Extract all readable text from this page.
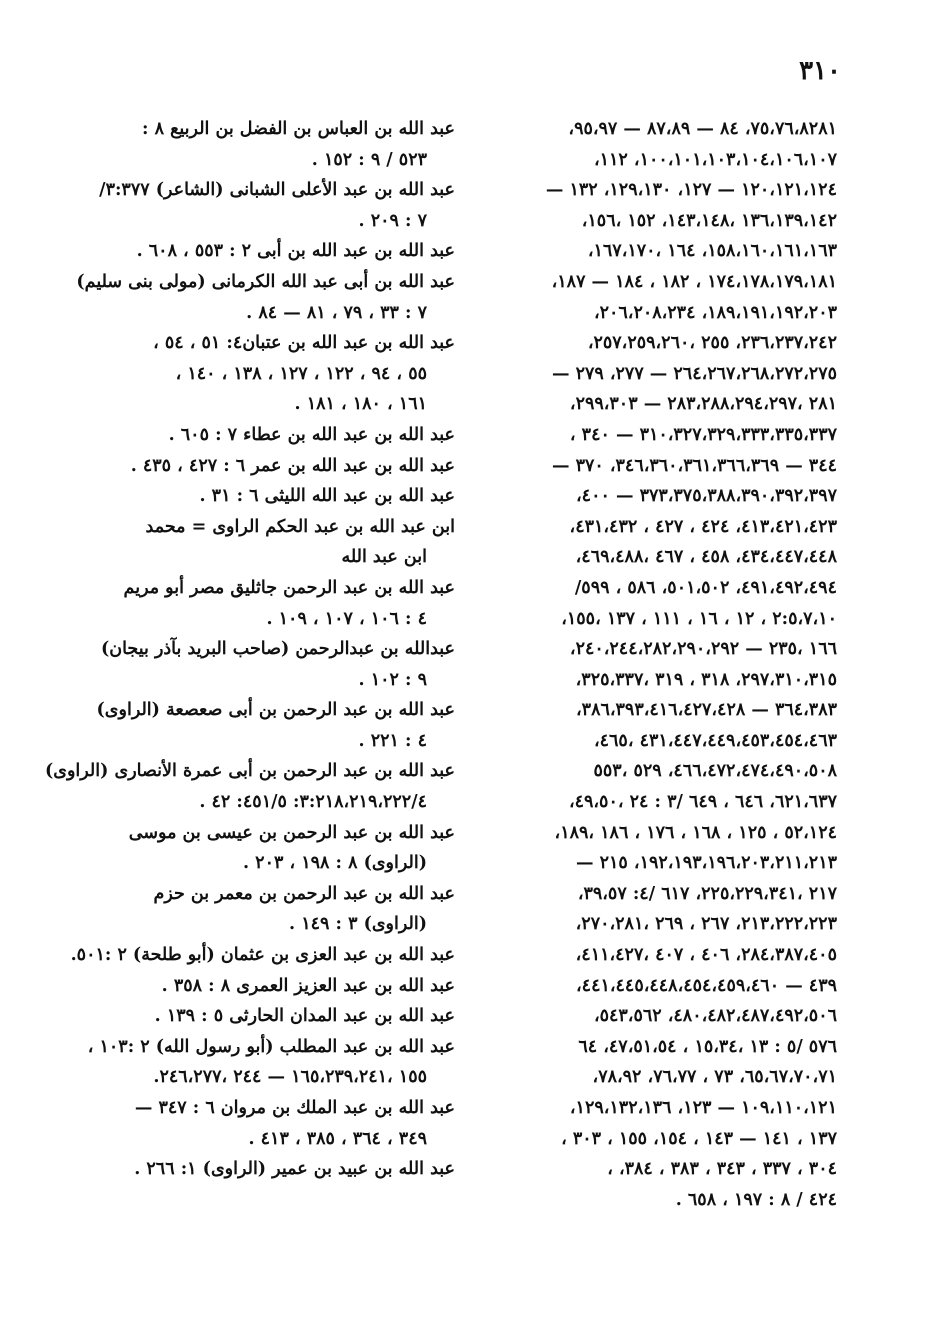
٣١٠
٧٥،٧٦،٨٢٨١، ٨٤ — ٨٧،٨٩ — ٩٥،٩٧،
١٠٠،١٠١،١٠٣،١٠٤،١٠٦،١٠٧، ١١٢،
١٢٠،١٢١،١٢٤ — ١٢٧، ١٢٩،١٣٠، ١٣٢ —
١٣٦،١٣٩،١٤٢ ،١٤٣،١٤٨، ١٥٢ ،١٥٦،
١٥٨،١٦٠،١٦١،١٦٣، ١٦٤ ،١٦٧،١٧٠،
١٧٤،١٧٨،١٧٩،١٨١ ، ١٨٢ ، ١٨٤ — ١٨٧،
١٨٩،١٩١،١٩٢،٢٠٣، ٢٠٦،٢٠٨،٢٣٤،
٢٣٦،٢٣٧،٢٤٢، ٢٥٥ ،٢٥٧،٢٥٩،٢٦٠،
٢٦٤،٢٦٧،٢٦٨،٢٧٢،٢٧٥ — ٢٧٧، ٢٧٩ —
٢٨١ ،٢٨٣،٢٨٨،٢٩٤،٢٩٧ — ٢٩٩،٣٠٣،
٣١٠،٣٢٧،٣٢٩،٣٣٣،٣٣٥،٣٣٧ — ٣٤٠ ،
٣٤٤ — ٣٤٦،٣٦٠،٣٦١،٣٦٦،٣٦٩، ٣٧٠ —
٣٧٣،٣٧٥،٣٨٨،٣٩٠،٣٩٢،٣٩٧ — ٤٠٠،
٤١٣،٤٢١،٤٢٣، ٤٢٤ ، ٤٢٧ ، ٤٣١،٤٣٢،
٤٣٤،٤٤٧،٤٤٨، ٤٥٨ ، ٤٦٧ ،٤٦٩،٤٨٨،
٤٩١،٤٩٢،٤٩٤، ٥٠١،٥٠٢، ٥٨٦ ، ٥٩٩/
٢:٥،٧،١٠ ، ١٢ ، ١٦ ، ١١١ ، ١٣٧ ،١٥٥،
١٦٦ ،٢٣٥ — ٢٤٠،٢٤٤،٢٨٢،٢٩٠،٢٩٢،
٢٩٧،٣١٠،٣١٥، ٣١٨ ، ٣١٩ ،٣٢٥،٣٣٧،
٣٦٤،٣٨٣ — ٣٨٦،٣٩٣،٤١٦،٤٢٧،٤٢٨،
٤٣١،٤٤٧،٤٤٩،٤٥٣،٤٥٤،٤٦٣ ،٤٦٥،
٤٦٦،٤٧٢،٤٧٤،٤٩٠،٥٠٨، ٥٢٩ ،٥٥٣
٦٢١،٦٣٧، ٦٤٦ ، ٦٤٩ /٣ : ٢٤ ،٤٩،٥٠،
٥٢،١٢٤ ، ١٢٥ ، ١٦٨ ، ١٧٦ ، ١٨٦ ،١٨٩،
١٩٢،١٩٣،١٩٦،٢٠٣،٢١١،٢١٣، ٢١٥ —
٢١٧ ،٢٢٥،٢٢٩،٣٤١، ٦١٧ /٤: ٣٩،٥٧،
٢١٣،٢٢٢،٢٢٣، ٢٦٧ ، ٢٦٩ ،٢٧٠،٢٨١،
٢٨٤،٣٨٧،٤٠٥، ٤٠٦ ، ٤٠٧ ،٤١١،٤٢٧،
٤٣٩ — ٤٤١،٤٤٥،٤٤٨،٤٥٤،٤٥٩،٤٦٠،
٤٨٠،٤٨٢،٤٨٧،٤٩٢،٥٠٦، ٥٤٣،٥٦٢،
٥٧٦ /٥ : ١٣ ،١٥،٣٤ ، ٤٧،٥١،٥٤، ٦٤
٦٥،٦٧،٧٠،٧١، ٧٣ ، ٧٦،٧٧، ٧٨،٩٢،
١٠٩،١١٠،١٢١ — ١٢٣، ١٢٩،١٣٢،١٣٦،
١٣٧ ، ١٤١ — ١٤٣ ، ١٥٤، ١٥٥ ، ٣٠٣ ،
٣٠٤ ، ٣٣٧ ، ٣٤٣ ، ٣٨٣ ، ٣٨٤، ،
٤٢٤ / ٨ : ١٩٧ ، ٦٥٨ .
عبد الله بن العباس بن الفضل بن الربيع ٨ :
٥٢٣ / ٩ : ١٥٢ .
عبد الله بن عبد الأعلى الشبانى (الشاعر) ٣:٣٧٧/
٧ : ٢٠٩ .
عبد الله بن عبد الله بن أبى ٢ : ٥٥٣ ، ٦٠٨ .
عبد الله بن أبى عبد الله الكرمانى (مولى بنى سليم)
٧ : ٣٣ ، ٧٩ ، ٨١ — ٨٤ .
عبد الله بن عبد الله بن عتبان٤: ٥١ ، ٥٤ ،
٥٥ ، ٩٤ ، ١٢٢ ، ١٢٧ ، ١٣٨ ، ١٤٠ ،
١٦١ ، ١٨٠ ، ١٨١ .
عبد الله بن عبد الله بن عطاء ٧ : ٦٠٥ .
عبد الله بن عبد الله بن عمر ٦ : ٤٢٧ ، ٤٣٥ .
عبد الله بن عبد الله الليثى ٦ : ٣١ .
ابن عبد الله بن عبد الحكم الراوى = محمد
ابن عبد الله
عبد الله بن عبد الرحمن جاثليق مصر أبو مريم
٤ : ١٠٦ ، ١٠٧ ، ١٠٩ .
عبدالله بن عبدالرحمن (صاحب البريد بآذر بيجان)
٩ : ١٠٢ .
عبد الله بن عبد الرحمن بن أبى صعصعة (الراوى)
٤ : ٢٢١ .
عبد الله بن عبد الرحمن بن أبى عمرة الأنصارى (الراوى)
٣:٢١٨،٢١٩،٢٢٢/٤: ٤٥١/٥: ٤٢ .
عبد الله بن عبد الرحمن بن عيسى بن موسى
(الراوى) ٨ : ١٩٨ ، ٢٠٣ .
عبد الله بن عبد الرحمن بن معمر بن حزم
(الراوى) ٣ : ١٤٩ .
عبد الله بن عبد العزى بن عثمان (أبو طلحة) ٢ :٥٠١.
عبد الله بن عبد العزيز العمرى ٨ : ٣٥٨ .
عبد الله بن عبد المدان الحارثى ٥ : ١٣٩ .
عبد الله بن عبد المطلب (أبو رسول الله) ٢ :١٠٣ ،
١٥٥ ،١٦٥،٢٣٩،٢٤١ — ٢٤٤ ،٢٤٦،٢٧٧.
عبد الله بن عبد الملك بن مروان ٦ : ٣٤٧ —
٣٤٩ ، ٣٦٤ ، ٣٨٥ ، ٤١٣ .
عبد الله بن عبيد بن عمير (الراوى) ١: ٢٦٦ .
